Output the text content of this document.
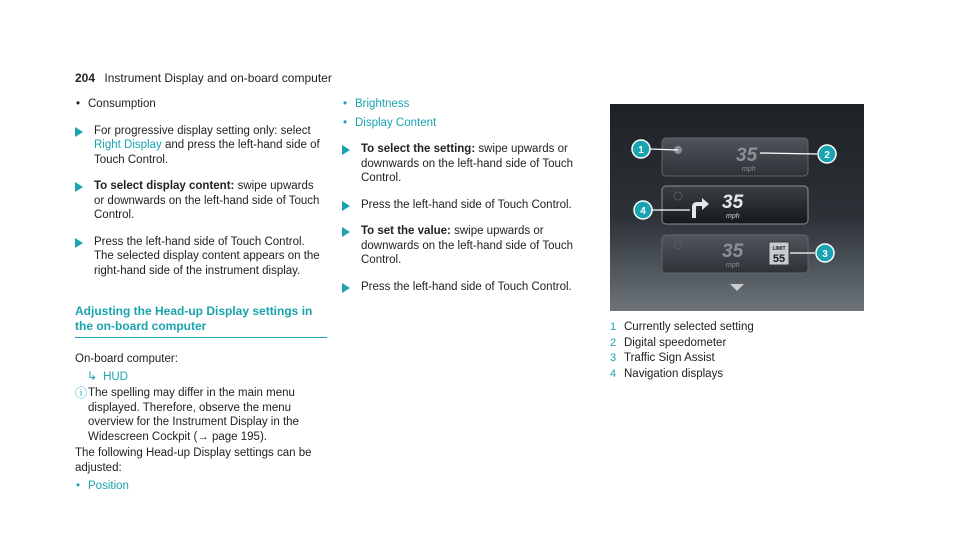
204 Instrument Display and on-board computer
• Consumption
For progressive display setting only: select Right Display and press the left-hand side of Touch Control.
To select display content: swipe upwards or downwards on the left-hand side of Touch Control.
Press the left-hand side of Touch Control.
The selected display content appears on the right-hand side of the instrument display.
Adjusting the Head-up Display settings in the on-board computer
On-board computer:
↳ HUD
ⓘ The spelling may differ in the main menu displayed. Therefore, observe the menu overview for the Instrument Display in the Widescreen Cockpit (→ page 195).
The following Head-up Display settings can be adjusted:
• Position
• Brightness
• Display Content
To select the setting: swipe upwards or downwards on the left-hand side of Touch Control.
Press the left-hand side of Touch Control.
To set the value: swipe upwards or downwards on the left-hand side of Touch Control.
Press the left-hand side of Touch Control.
35
mph
35
mph
35
mph
LIMIT
55
1	2
3
4
1 Currently selected setting
2 Digital speedometer
3 Traffic Sign Assist
4 Navigation displays
